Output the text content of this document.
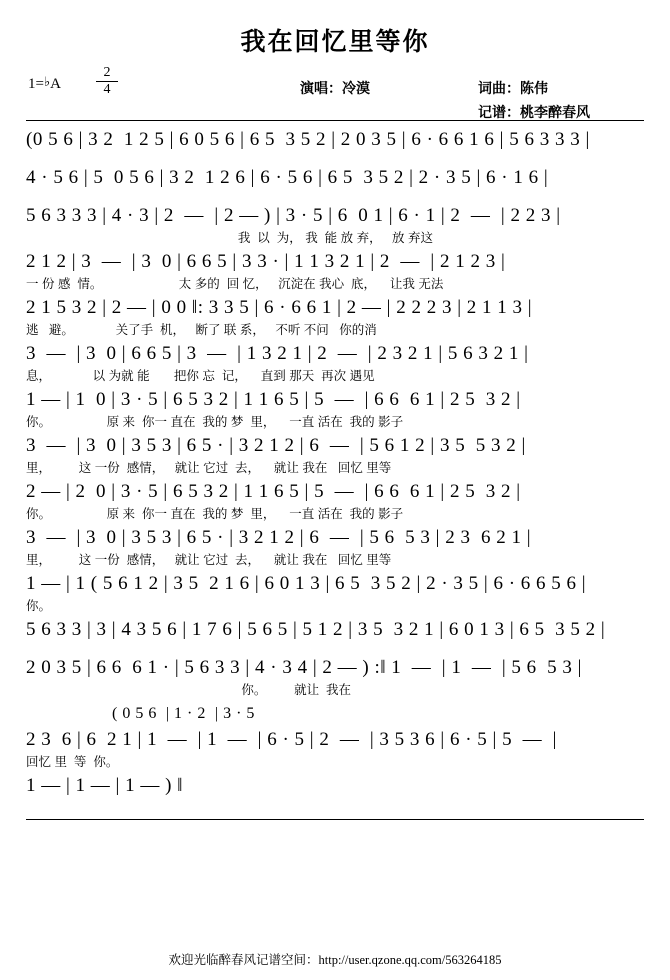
我在回忆里等你
1=♭A	$\frac{2}{4}$	演唱：冷漠	词曲：陈伟
记谱：桃李醉春风
(0 5 6 | 3 2  1 2 5 | 6 0 5 6 | 6 5  3 5 2 | 2 0 3 5 | 6 · 6 6 1 6 | 5 6 3 3 3 |
4 · 5 6 | 5  0 5 6 | 3 2  1 2 6 | 6 · 5 6 | 6 5  3 5 2 | 2 · 3 5 | 6 · 1 6 |
5 6 3 3 3 | 4 · 3 | 2  —  | 2 — ) | 3 · 5 | 6  0 1 | 6 · 1 | 2  —  | 2 2 3 |
我  以  为， 我  能 放 弃，   放 弃这
2 1 2 | 3  —  | 3  0 | 6 6 5 | 3 3 · | 1 1 3 2 1 | 2  —  | 2 1 2 3 |
一 份 感  情。                      太 多的  回 忆，   沉淀在 我心  底，    让我 无法
2 1 5 3 2 | 2 — | 0 0 ‖: 3 3 5 | 6 · 6 6 1 | 2 — | 2 2 2 3 | 2 1 1 3 |
逃   避。            关了手  机，   断了 联 系，   不听 不问   你的消
3  —  | 3  0 | 6 6 5 | 3  —  | 1 3 2 1 | 2  —  | 2 3 2 1 | 5 6 3 2 1 |
息，            以 为就 能       把你 忘  记，    直到 那天  再次 遇见
1 — | 1  0 | 3 · 5 | 6 5 3 2 | 1 1 6 5 | 5  —  | 6 6  6 1 | 2 5  3 2 |
你。                原 来  你一 直在  我的 梦  里，    一直 活在  我的 影子
3  —  | 3  0 | 3 5 3 | 6 5 · | 3 2 1 2 | 6  —  | 5 6 1 2 | 3 5  5 3 2 |
里，        这 一份  感情，   就让 它过  去，    就让 我在   回忆 里等
2 — | 2  0 | 3 · 5 | 6 5 3 2 | 1 1 6 5 | 5  —  | 6 6  6 1 | 2 5  3 2 |
你。                原 来  你一 直在  我的 梦  里，    一直 活在  我的 影子
3  —  | 3  0 | 3 5 3 | 6 5 · | 3 2 1 2 | 6  —  | 5 6  5 3 | 2 3  6 2 1 |
里，        这 一份  感情，   就让 它过  去，    就让 我在   回忆 里等
1 — | 1 ( 5 6 1 2 | 3 5  2 1 6 | 6 0 1 3 | 6 5  3 5 2 | 2 · 3 5 | 6 · 6 6 5 6 |
你。
5 6 3 3 | 3 | 4 3 5 6 | 1 7 6 | 5 6 5 | 5 1 2 | 3 5  3 2 1 | 6 0 1 3 | 6 5  3 5 2 |
2 0 3 5 | 6 6  6 1 · | 5 6 3 3 | 4 · 3 4 | 2 — ) :‖ 1  —  | 1  —  | 5 6  5 3 |
你。        就让  我在
( 0 5 6  | 1 · 2  | 3 · 5
2 3  6 | 6  2 1 | 1  —  | 1  —  | 6 · 5 | 2  —  | 3 5 3 6 | 6 · 5 | 5  —  |
回忆 里  等  你。
1 — | 1 — | 1 — ) ‖
欢迎光临醉春风记谱空间：http://user.qzone.qq.com/563264185
